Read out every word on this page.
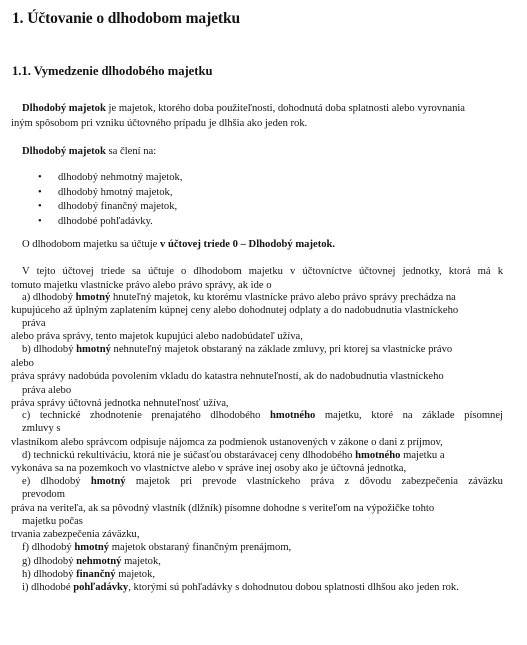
1. Účtovanie o dlhodobom majetku
1.1. Vymedzenie dlhodobého majetku

Dlhodobý majetok je majetok, ktorého doba použiteľnosti, dohodnutá doba splatnosti alebo vyrovnania

iným spôsobom pri vzniku účtovného prípadu je dlhšia ako jeden rok.

Dlhodobý majetok sa člení na:

• dlhodobý nehmotný majetok,
• dlhodobý hmotný majetok,
• dlhodobý finančný majetok,
• dlhodobé pohľadávky.

O dlhodobom majetku sa účtuje v účtovej triede 0 – Dlhodobý majetok.

V tejto účtovej triede sa účtuje o dlhodobom majetku v účtovníctve účtovnej jednotky, ktorá má k

tomuto majetku vlastnícke právo alebo právo správy, ak ide o

a) dlhodobý hmotný hnuteľný majetok, ku ktorému vlastnícke právo alebo právo správy prechádza na

kupujúceho až úplným zaplatením kúpnej ceny alebo dohodnutej odplaty a do nadobudnutia vlastníckeho

práva

alebo práva správy, tento majetok kupujúci alebo nadobúdateľ užíva,

b) dlhodobý hmotný nehnuteľný majetok obstaraný na základe zmluvy, pri ktorej sa vlastnícke právo

alebo

práva správy nadobúda povolením vkladu do katastra nehnuteľností, ak do nadobudnutia vlastníckeho

práva alebo

práva správy účtovná jednotka nehnuteľnosť užíva,

c) technické zhodnotenie prenajatého dlhodobého hmotného majetku, ktoré na základe písomnej

zmluvy s

vlastníkom alebo správcom odpisuje nájomca za podmienok ustanovených v zákone o dani z príjmov,

d) technickú rekultiváciu, ktorá nie je súčasťou obstarávacej ceny dlhodobého hmotného majetku a

vykonáva sa na pozemkoch vo vlastníctve alebo v správe inej osoby ako je účtovná jednotka,

e) dlhodobý hmotný majetok pri prevode vlastníckeho práva z dôvodu zabezpečenia záväzku

prevodom

práva na veriteľa, ak sa pôvodný vlastník (dlžník) písomne dohodne s veriteľom na výpožičke tohto

majetku počas

trvania zabezpečenia záväzku,

f) dlhodobý hmotný majetok obstaraný finančným prenájmom,

g) dlhodobý nehmotný majetok,

h) dlhodobý finančný majetok,

i) dlhodobé pohľadávky, ktorými sú pohľadávky s dohodnutou dobou splatnosti dlhšou ako jeden rok.
